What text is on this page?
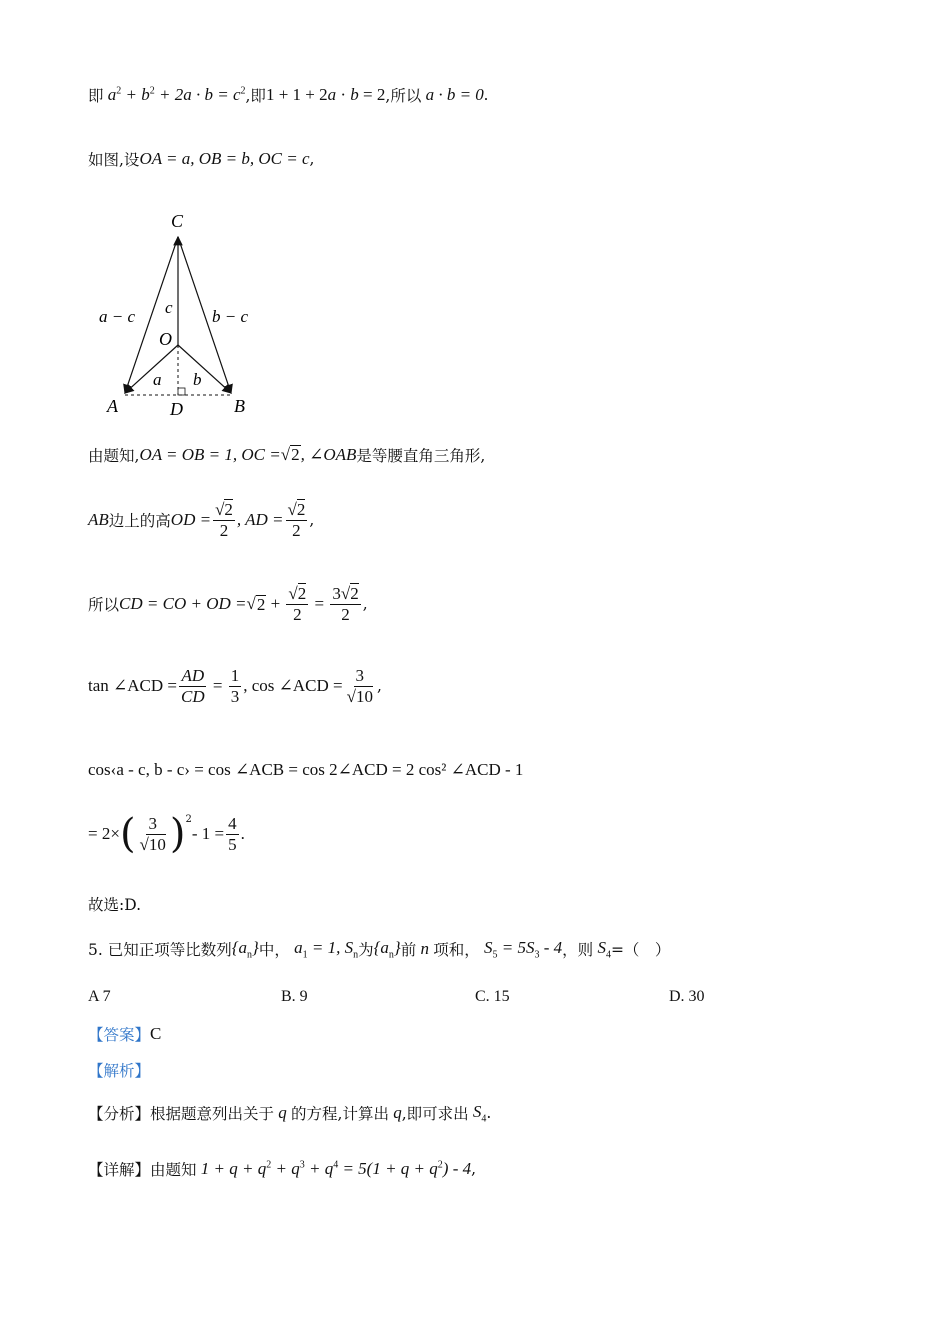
即 $a^2 + b^2 + 2a \cdot b = c^2$ ,即 1 + 1 + 2a · b = 2 ,所以 a · b = 0 .
如图,设 OA = a, OB = b, OC = c ,
C
O
A	B
D
a − c	b − c
c
a b
由题知, OA = OB = 1, OC = √ 2 , ∠OAB 是等腰直角三角形,
AB 边上的高 OD = $\frac{√2}{2}$ , AD = $\frac{√2}{2}$ ,
所以 CD = CO + OD = √ $2 + \frac{√2}{2} = \frac{3√2}{2}$ ,
tan ∠ACD = $\frac{AD}{CD} = \frac{1}{3}$ , cos ∠ACD = $\frac{3}{√10}$ ,
cos‹a - c, b - c› = cos ∠ACB = cos 2∠ACD = 2 cos² ∠ACD - 1
= 2× ( $\frac{3}{√10}$ ) 2
- $1 = \frac{4}{5}$ .
故选:D.
5. 已知正项等比数列 $\{a_n\}$ 中， $a_1 = 1$, $S_n$ 为 $\{a_n\}$ 前 n 项和， $S_5 = 5S_3 - 4$ ，则 $S_4$ =（　）
A 7	B. 9	C. 15	D. 30
【答案】 C
【解析】
【分析】 根据题意列出关于 q 的方程,计算出 q ,即可求出 $S_4$ .
【详解】 由题知 $1 + q + q^2 + q^3 + q^4 = 5(1 + q + q^2) - 4$ ,
